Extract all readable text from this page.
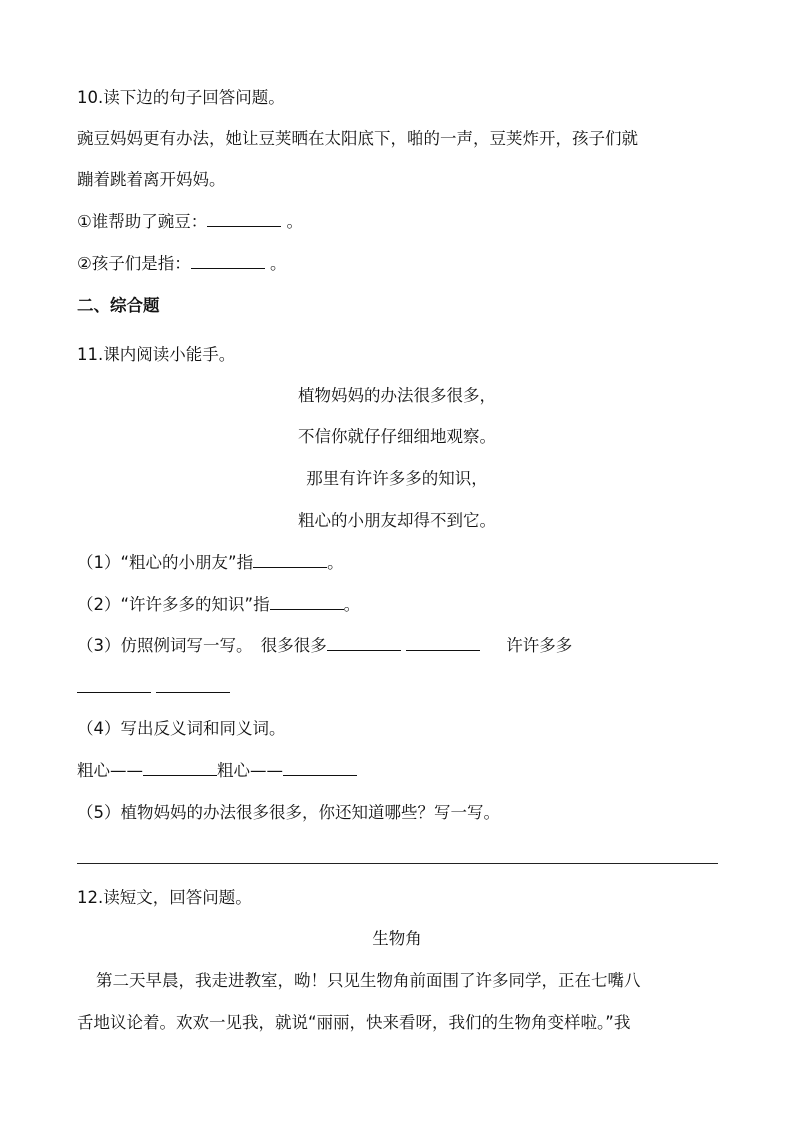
10.读下边的句子回答问题。
豌豆妈妈更有办法，她让豆荚晒在太阳底下，啪的一声，豆荚炸开，孩子们就
蹦着跳着离开妈妈。
①谁帮助了豌豆：	。
②孩子们是指：	。
二、综合题
11.课内阅读小能手。
植物妈妈的办法很多很多，
不信你就仔仔细细地观察。
那里有许许多多的知识，
粗心的小朋友却得不到它。
（1）“粗心的小朋友”指	。
（2）“许许多多的知识”指	。
（3）仿照例词写一写。　很多很多	许许多多

（4）写出反义词和同义词。
粗心——	粗心——
（5）植物妈妈的办法很多很多，你还知道哪些？写一写。
12.读短文，回答问题。
生物角
第二天早晨，我走进教室，呦！只见生物角前面围了许多同学，正在七嘴八
舌地议论着。欢欢一见我，就说“丽丽，快来看呀，我们的生物角变样啦。”我
